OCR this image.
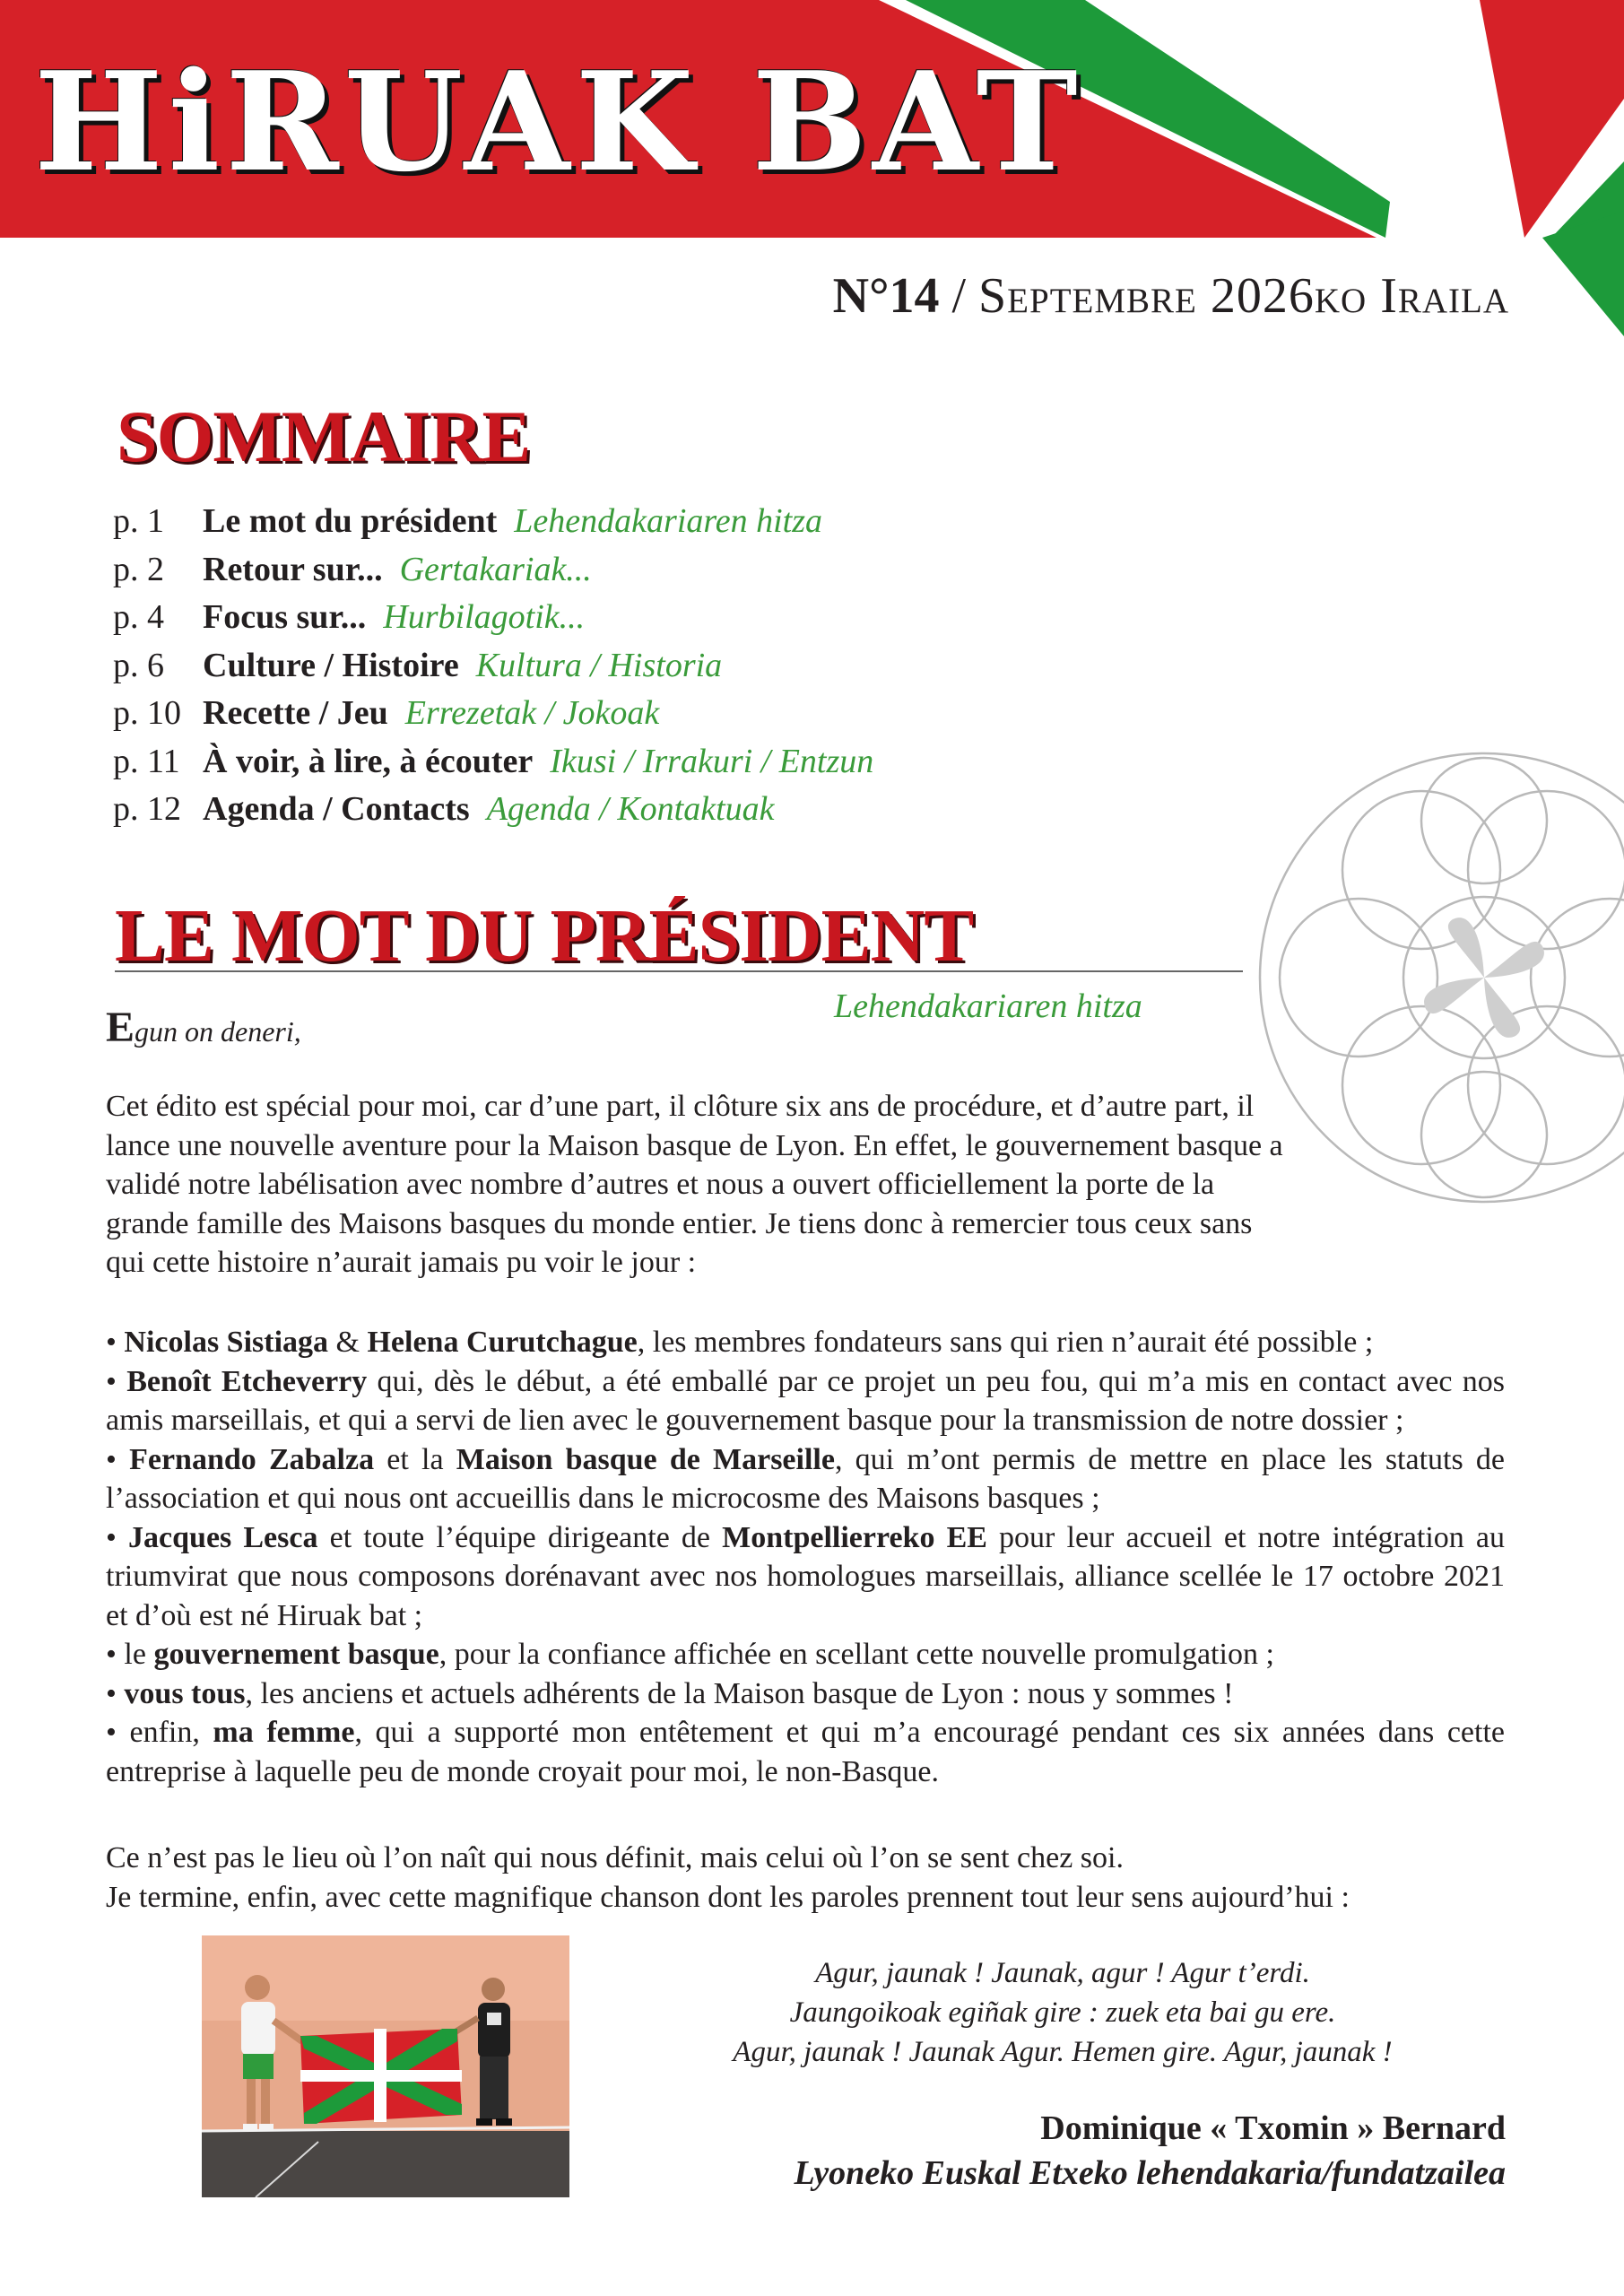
HiRUAK BAT
N°14 / Septembre 2026ko Iraila
SOMMAIRE
p. 1 Le mot du président Lehendakariaren hitza
p. 2 Retour sur... Gertakariak...
p. 4 Focus sur... Hurbilagotik...
p. 6 Culture / Histoire Kultura / Historia
p. 10 Recette / Jeu Errezetak / Jokoak
p. 11 À voir, à lire, à écouter Ikusi / Irrakuri / Entzun
p. 12 Agenda / Contacts Agenda / Kontaktuak
LE MOT DU PRÉSIDENT
Lehendakariaren hitza
Egun on deneri,

Cet édito est spécial pour moi, car d’une part, il clôture six ans de procédure, et d’autre part, il lance une nouvelle aventure pour la Maison basque de Lyon. En effet, le gouvernement basque a validé notre labélisation avec nombre d’autres et nous a ouvert officiellement la porte de la grande famille des Maisons basques du monde entier. Je tiens donc à remercier tous ceux sans qui cette histoire n’aurait jamais pu voir le jour :

• Nicolas Sistiaga & Helena Curutchague, les membres fondateurs sans qui rien n’aurait été possible ;
• Benoît Etcheverry qui, dès le début, a été emballé par ce projet un peu fou, qui m’a mis en contact avec nos amis marseillais, et qui a servi de lien avec le gouvernement basque pour la transmission de notre dossier ;
• Fernando Zabalza et la Maison basque de Marseille, qui m’ont permis de mettre en place les statuts de l’association et qui nous ont accueillis dans le microcosme des Maisons basques ;
• Jacques Lesca et toute l’équipe dirigeante de Montpellierreko EE pour leur accueil et notre intégration au triumvirat que nous composons dorénavant avec nos homologues marseillais, alliance scellée le 17 octobre 2021 et d’où est né Hiruak bat ;
• le gouvernement basque, pour la confiance affichée en scellant cette nouvelle promulgation ;
• vous tous, les anciens et actuels adhérents de la Maison basque de Lyon : nous y sommes !
• enfin, ma femme, qui a supporté mon entêtement et qui m’a encouragé pendant ces six années dans cette entreprise à laquelle peu de monde croyait pour moi, le non-Basque.

Ce n’est pas le lieu où l’on naît qui nous définit, mais celui où l’on se sent chez soi.
Je termine, enfin, avec cette magnifique chanson dont les paroles prennent tout leur sens aujourd’hui :

Agur, jaunak ! Jaunak, agur ! Agur t’erdi.
Jaungoikoak egiñak gire : zuek eta bai gu ere.
Agur, jaunak ! Jaunak Agur. Hemen gire. Agur, jaunak !
Dominique « Txomin » Bernard
Lyoneko Euskal Etxeko lehendakaria/fundatzailea
